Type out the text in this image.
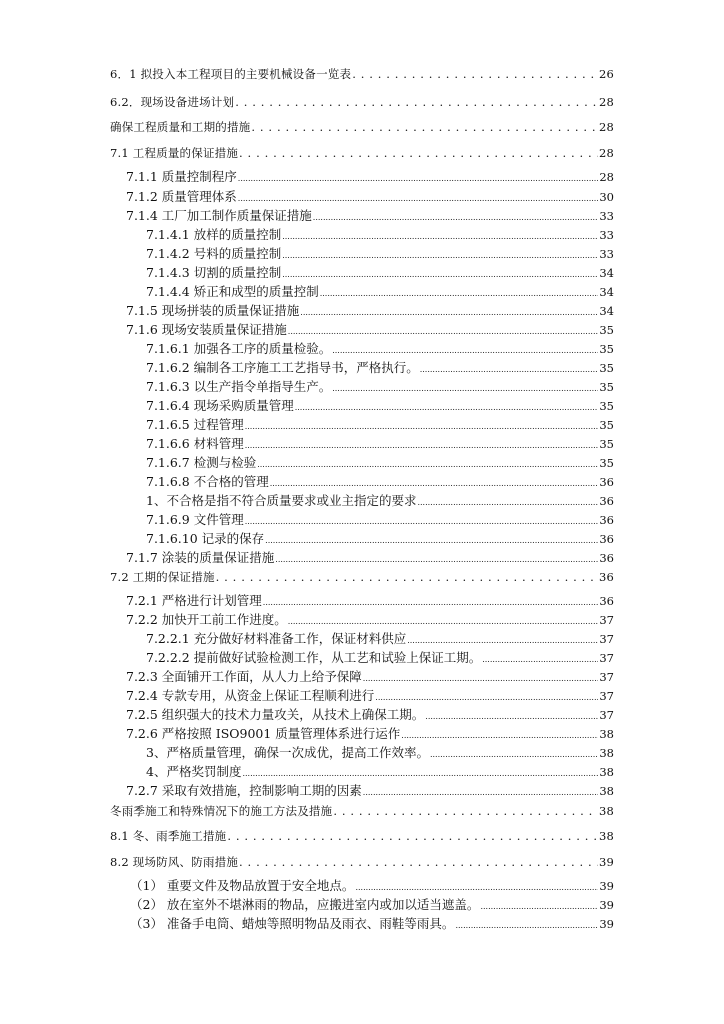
6．1 拟投入本工程项目的主要机械设备一览表 . . .	26
6.2．现场设备进场计划 . . .	28
确保工程质量和工期的措施 . . .	28
7.1 工程质量的保证措施 . . .	28
7.1.1 质量控制程序 .....	28
7.1.2 质量管理体系 .....	30
7.1.4 工厂加工制作质量保证措施 .....	33
7.1.4.1 放样的质量控制 .....	33
7.1.4.2 号料的质量控制 .....	33
7.1.4.3 切割的质量控制 .....	34
7.1.4.4 矫正和成型的质量控制 .....	34
7.1.5 现场拼装的质量保证措施 .....	34
7.1.6 现场安装质量保证措施 .....	35
7.1.6.1 加强各工序的质量检验。 .....	35
7.1.6.2 编制各工序施工工艺指导书，严格执行。 .....	35
7.1.6.3 以生产指令单指导生产。 .....	35
7.1.6.4 现场采购质量管理 .....	35
7.1.6.5 过程管理 .....	35
7.1.6.6 材料管理 .....	35
7.1.6.7 检测与检验 .....	35
7.1.6.8 不合格的管理 .....	36
1、不合格是指不符合质量要求或业主指定的要求 .....	36
7.1.6.9 文件管理 .....	36
7.1.6.10 记录的保存 .....	36
7.1.7 涂装的质量保证措施 .....	36
7.2 工期的保证措施 . . .	36
7.2.1 严格进行计划管理 .....	36
7.2.2 加快开工前工作进度。 .....	37
7.2.2.1 充分做好材料准备工作，保证材料供应 .....	37
7.2.2.2 提前做好试验检测工作，从工艺和试验上保证工期。 .....	37
7.2.3 全面铺开工作面，从人力上给予保障 .....	37
7.2.4 专款专用，从资金上保证工程顺利进行 .....	37
7.2.5 组织强大的技术力量攻关，从技术上确保工期。 .....	37
7.2.6 严格按照 ISO9001 质量管理体系进行运作 .....	38
3、严格质量管理，确保一次成优，提高工作效率。 .....	38
4、严格奖罚制度 .....	38
7.2.7 采取有效措施，控制影响工期的因素 .....	38
冬雨季施工和特殊情况下的施工方法及措施 . . .	38
8.1 冬、雨季施工措施 . . .	38
8.2 现场防风、防雨措施 . . .	39
（1） 重要文件及物品放置于安全地点。 .....	39
（2） 放在室外不堪淋雨的物品，应搬进室内或加以适当遮盖。 .....	39
（3） 准备手电筒、蜡烛等照明物品及雨衣、雨鞋等雨具。 .....	39
